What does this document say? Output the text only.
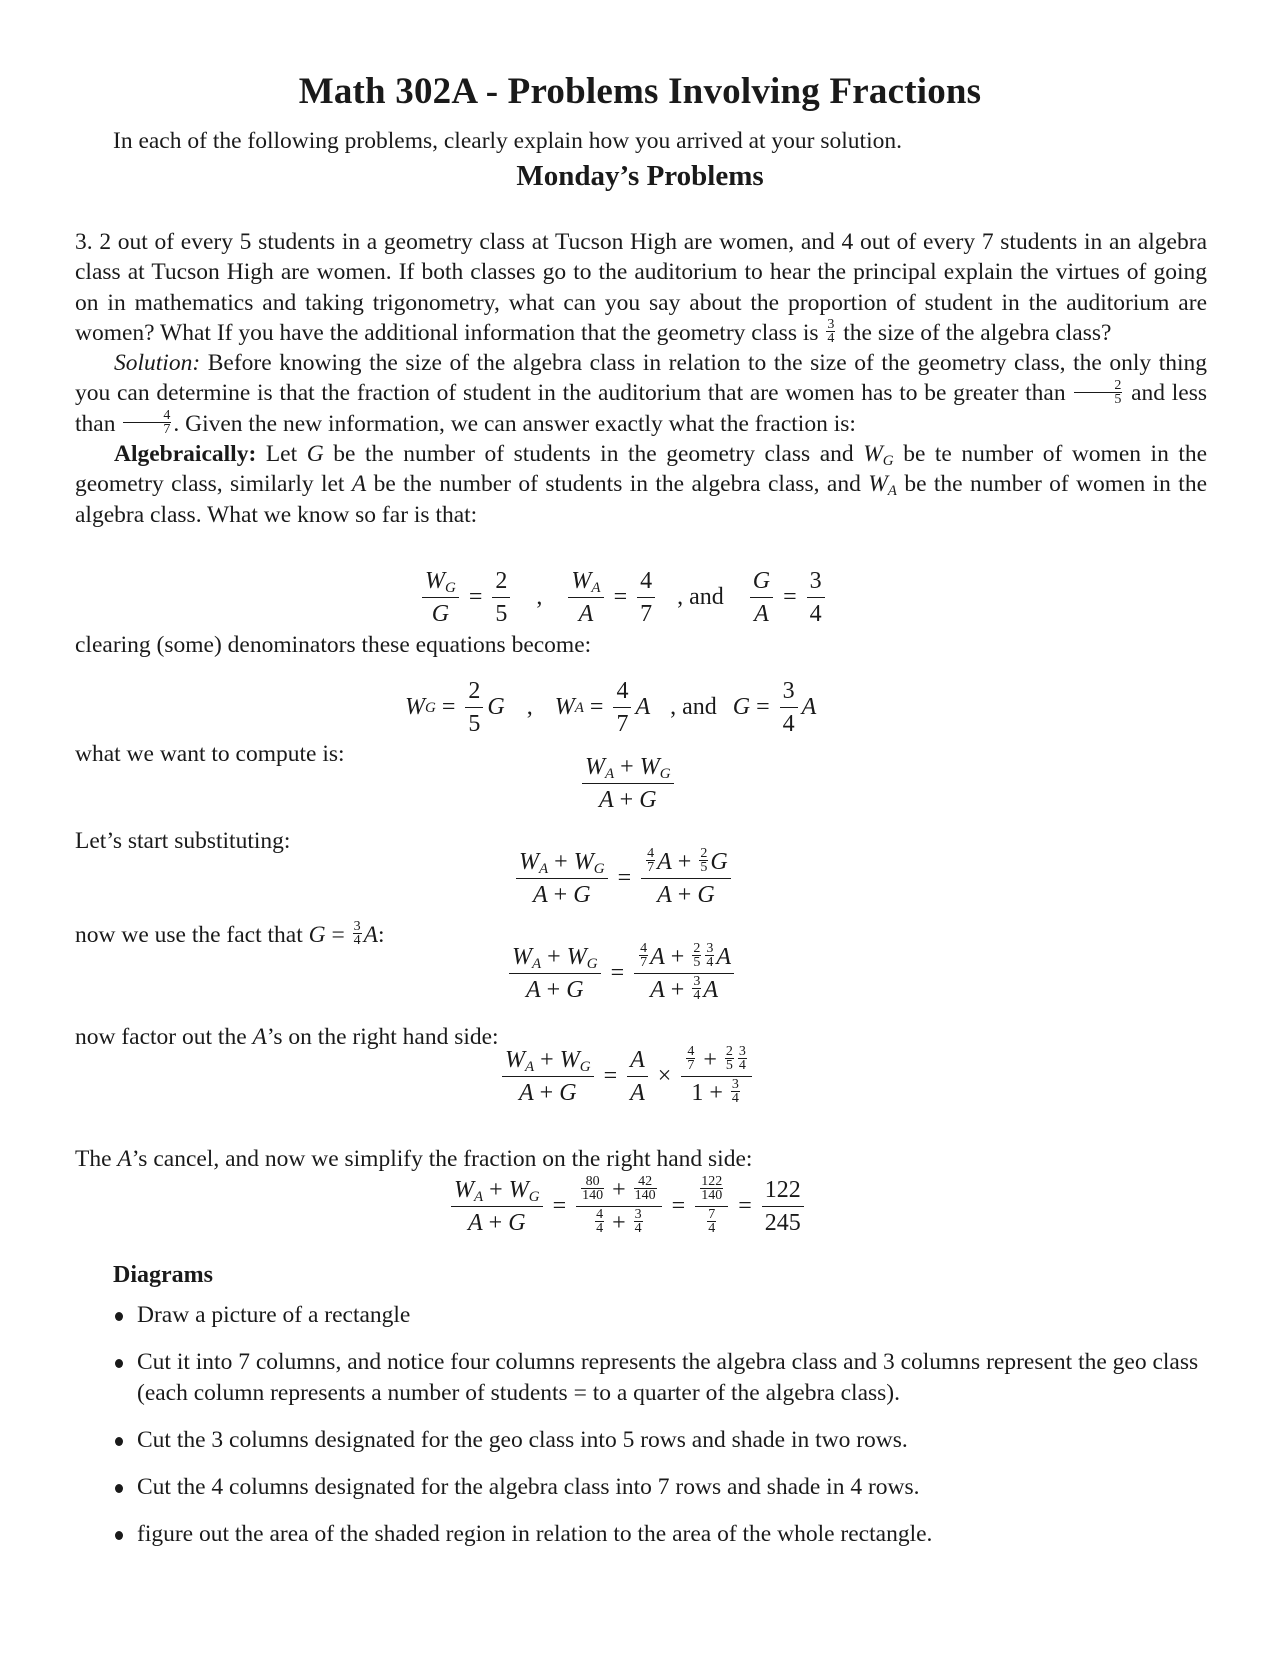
Math 302A - Problems Involving Fractions
In each of the following problems, clearly explain how you arrived at your solution.
Monday’s Problems

3. 2 out of every 5 students in a geometry class at Tucson High are women, and 4 out of every 7 students in an algebra class at Tucson High are women. If both classes go to the auditorium to hear the principal explain the virtues of going on in mathematics and taking trigonometry, what can you say about the proportion of student in the auditorium are women? What If you have the additional information that the geometry class is $\frac{3}{4}$ the size of the algebra class?

Solution: Before knowing the size of the algebra class in relation to the size of the geometry class, the only thing you can determine is that the fraction of student in the auditorium that are women has to be greater than $\frac{2}{5}$ and less than $\frac{4}{7}$ . Given the new information, we can answer exactly what the fraction is:

Algebraically: Let G be the number of students in the geometry class and $W_G$ be te number of women in the geometry class, similarly let A be the number of students in the algebra class, and $W_A$ be the number of women in the algebra class. What we know so far is that:

$\frac{W_G}{G} = \frac{2}{5}$ , $\frac{W_A}{A} = \frac{4}{7}$ , and $\frac{G}{A} = \frac{3}{4}$
clearing (some) denominators these equations become:
W $G = \frac{2}{5}$ G , W $A = \frac{4}{7}$ A , and $G = \frac{3}{4}$ A
what we want to compute is:	$\frac{W_A + W_G}{A + G}$
Let’s start substituting:
$\frac{W_A + W_G}{A + G} = \frac{\frac{4}{7} A + \frac{2}{5} G}{A + G}$
now we use the fact that $G = \frac{3}{4} A$:
$\frac{W_A + W_G}{A + G} = \frac{\frac{4}{7} A + \frac{2}{5} \frac{3}{4} A}{A + \frac{3}{4} A}$
now factor out the A’s on the right hand side:
$\frac{W_A + W_G}{A + G} = \frac{A}{A} \times \frac{\frac{4}{7} + \frac{2}{5} \frac{3}{4}}{1 + \frac{3}{4}}$
The A’s cancel, and now we simplify the fraction on the right hand side:
$\frac{W_A + W_G}{A + G} = \frac{\frac{80}{140} + \frac{42}{140}}{\frac{4}{4} + \frac{3}{4}} = \frac{\frac{122}{140}}{\frac{7}{4}} = \frac{122}{245}$
Diagrams
Draw a picture of a rectangle
Cut it into 7 columns, and notice four columns represents the algebra class and 3 columns represent the geo class (each column represents a number of students = to a quarter of the algebra class).
Cut the 3 columns designated for the geo class into 5 rows and shade in two rows.
Cut the 4 columns designated for the algebra class into 7 rows and shade in 4 rows.
figure out the area of the shaded region in relation to the area of the whole rectangle.
